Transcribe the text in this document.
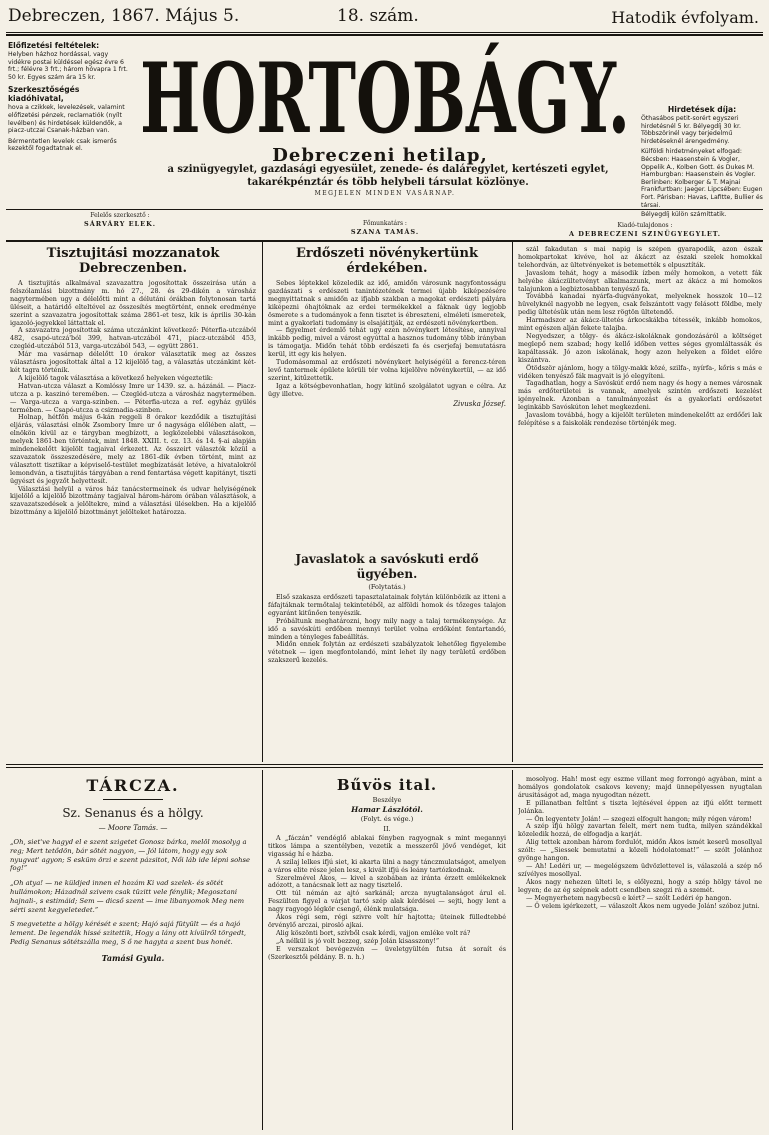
Debreczen, 1867. Május 5.	18. szám.	Hatodik évfolyam.
Előfizetési feltételek:

Helyben házhoz hordással, vagy vidékre postai küldéssel egész évre 6 frt.; félévre 3 frt.; három hóvapra 1 frt. 50 kr. Egyes szám ára 15 kr.

Szerkesztőségés kiadóhivatal,

hova a czikkek, levelezések, valamint előfizetési pénzek, reclamatiók (nyílt levélben) és hirdetések küldendők, a piacz-utczai Csanak-házban van.

Bérmentetlen levelek csak ismerős kezektől fogadtatnak el. HORTOBÁGY.
Debreczeni hetilap,
a szinügyegylet, gazdasági egyesület, zenede- és daláregylet, kertészeti egylet, takarékpénztár és több helybeli társulat közlönye.
MEGJELEN MINDEN VASÁRNAP.
Hirdetések díja:

Öthasábos petit-sorért egyszeri hirdetésnél 5 kr. Bélyegdíj 30 kr. Többszörinél vagy terjedelmű hirdetéseknél árengedmény.

Külföldi hirdetményeket elfogad: Bécsben: Haasenstein & Vogler, Oppelik A., Kolben Gott. és Dukes M. Hamburgban: Haasenstein és Vogler. Berlinben: Kolberger & T. Majnai Frankfurtban: Jaeger. Lipcsében: Eugen Fort. Párisban: Havas, Lafitte, Bullier és társai.

Bélyegdíj külön számíttatik.

Felelős szerkesztő :
SÁRVÁRY ELEK.	Főmunkatárs :
SZANA TAMÁS.
Kiadó-tulajdonos :
A DEBRECZENI SZINÜGYEGYLET.
Tisztujitási mozzanatok Debreczenben.

A tisztujitás alkalmával szavazattra jogosítottak összeirása után a felszólamlási bizottmány m. hó 27., 28. és 29-dikén a városház nagytermében ugy a délelőtti mint a délutáni órákban folytonosan tartá üléseit, a határidő elteltével az összesítés megtörtént, ennek eredménye szerint a szavazatra jogosítottak száma 2861-et tesz, kik is április 30-kán igazoló-jegyekkel láttattak el.

A szavazatra jogosítottak száma utczánkint következő: Péterfia-utczából 482, csapó-utczá'ból 399, hatvan-utczából 471, piacz-utczából 453, czegléd-utczából 513, varga-utczából 543, — együtt 2861.

Már ma vasárnap délelőtt 10 órakor választatik meg az összes választásra jogosítottak által a 12 kijelölő tag, a választás utczánkint két-két tagra történik.

A kijelölő tagok választása a következő helyeken végeztetik:

Hatvan-utcza választ a Komlóssy Imre ur 1439. sz. a. házánál. — Piacz-utcza a p. kaszinó teremében. — Czegléd-utcza a városház nagytermében. — Varga-utcza a varga-szinben. — Péterfia-utcza a ref. egyház gyülés termében. — Csapó-utcza a csizmadia-szinben.

Holnap, hétfőn május 6-kán reggeli 8 órakor kezdődik a tisztujítási eljárás, választási elnök Zsombory Imre ur ő nagysága előlében alatt, — elnökön kívül az e tárgyban megbízott, a legközelebbi választásokon, melyek 1861-ben történtek, mint 1848. XXIII. t. cz. 13. és 14. §-ai alapján mindenekelőtt kijelölt tagjaival érkezett. Az összeirt választók közül a szavazatok összeszedésére, mely az 1861-dik évben történt, mint az választott tisztikar a képviselő-testület megbízatását letéve, a hivatalokról lemondván, a tisztujitás tárgyában a rend fentartása végett kapitányt, tiszti ügyészt és jegyzőt helyettesít.

Választási helyül a város ház tanácstermeinek és udvar helyiségének kijelölő a kijelölő bizottmány tagjaival három-három órában választások, a szavazatszedések a jelöltekre, mind a választási ülésekben. Ha a kijelölő bizottmány a kijelölő bizottmányt jelölteket határozza.

Erdőszeti növénykertünk érdekében.

Sebes léptekkel közeledik az idő, amidőn városunk nagyfontosságu gazdászati s erdészeti tanintézetének termei újabb kiképezésére megnyittatnak s amidőn az ifjabb szakban a magokat erdészeti pályára kiképezni óhajtóknak az erdei termékekkel a fáknak úgy legjobb ösmerete s a tudományok a fenn tisztet is ébreszteni, elméleti ismeretek, mint a gyakorlati tudomány is elsajátitják, az erdészeti növénykertben.

— figyelmet érdemlő tehát ugy ezen növénykert létesítése, annyival inkább pedig, mivel a várost egyúttal a hasznos tudomány több irányban is támogatja. Midőn tehát több erdészeti fa és cserjefaj bemutatásra kerül, itt egy kis helyen.

Tudomásommal az erdőszeti növénykert helyiségéül a ferencz-téren levő tantermek épülete körüli tér volna kijelölve növénykertül, — az idő szerint, kitűzettetik.

Igaz a kötségbevonhatlan, hogy kitünő szolgálatot ugyan e célra. Az ügy illetve.

Zivuska József.
Javaslatok a savóskuti erdő ügyében.
(Folytatás.)

Első szakasza erdőszeti tapasztalatainak folytán különbözik az itteni a fáfajtáknak termőtalaj tekintetéből, az alföldi homok és tőzeges talajon egyaránt kitűnően tenyészik.

Próbáltunk meghatározni, hogy mily nagy a talaj termékenysége. Az idő a savóskúti erdőben mennyi terület volna erdőként fentartandó, minden a tényleges fabeállítás.

Midőn ennek folytán az erdészeti szabályzatok lehetőleg figyelembe vétetnek — igen megfontolandó, mint lehet ily nagy területű erdőben szakszerű kezelés.

szál fakadutan s mai napig is szépen gyarapodik, azon észak homokpartokat kivéve, hol az ákáczt az északi szelek homokkal telehordván, az ültetvényeket is betemették s elpusztíták.

Javaslom tehát, hogy a második ízben mély homokon, a vetett fák helyébe ákáczültetvényt alkalmazzunk, mert az ákácz a mi homokos talajunkon a legbiztosabban tenyésző fa.

Továbbá kanadai nyárfa-dugványokat, melyeknek hosszok 10—12 hüvelyknél nagyobb ne legyen, csak felszántott vagy felásott földbe, mely pedig ültetésük után nem lesz rögtön ültetendő.

Harmadszor az ákácz-ültetés árkocskákba tétessék, inkább homokos, mint egészen alján fekete talajba.

Negyedszer, a tölgy- és ákácz-iskoláknak gondozásáról a költséget meglepő nem szabad; hogy kellő időben vettes séges gyomláltassák és kapáltassák. Jó azon iskolának, hogy azon helyeken a földet előre kiszántva.

Ötödször ajánlom, hogy a tölgy-makk közé, szilfa-, nyírfa-, kőris s más e vidéken tenyésző fák magvait is jó elegyíteni.

Tagadhatlan, hogy a Savóskút erdő nem nagy és hogy a nemes városnak más erdőterületei is vannak, amelyek szintén erdőszeti kezelést igényelnek. Azonban a tanulmányozást és a gyakorlati erdőszetet leginkább Savóskúton lehet megkezdeni.

Javaslom továbbá, hogy a kijelölt területen mindenekelőtt az erdőőri lak felépítése s a faiskolák rendezése történjék meg.

TÁRCZA.
Sz. Senanus és a hölgy.
— Moore Tamás. —
„Oh, siet've hagyd el e szent szigetet Gonosz bárka, melöl mosolyg a reg; Mert tetődön, bár sötét nagyon, — Jól látom, hogy egy sok nyugvat' agyon; S esküm örzi e szent pázsitot, Női láb ide lépni sohse fog!”
„Oh atya! — ne küldjed innen el hozám Ki vad szelek- és sötét hullámokon; Házadnál szivem csak tüzitt vele fénylik; Megosztani hajnali-, s estimáid; Sem — dicső szent — ime libanyomok Meg nem sérti szent kegyeletedet.”
S megvetette a hölgy kérését e szent; Hajó sajá fütyült — és a hajó lement. De legendák hissé szitettik, Hogy a lány ott kívülről törgedt, Pedig Senanus sötétszálla meg, S ő ne hagyta a szent bus honét.
Tamási Gyula.
Bűvös ital.
Beszélye
Hamar Lászlótól.
(Folyt. és vége.)
II.

A „fáczán” vendéglő ablakai fényben ragyognak s mint megannyi titkos lámpa a szentélyben, vezetik a messzeről jövő vendéget, kit vigasság hí e házba.

A szilaj lelkes ifjú siet, ki akarta ülni a nagy tánczmulatságot, amelyen a város elite része jelen lesz, s kivált ifjú és leány tartózkodnak.

Szerelmével Ákos, — kivel a szobában az iránta érzett emlékeknek adózott, a tanácsnak lett az nagy tisztelő.

Ott túl némán az ajtó sarkánál; arcza nyugtalanságot árul el. Feszülten figyel a várjat tartó szép alak kérdései — sejti, hogy lent a nagy ragyogó légkör csengő, élénk mulatsága.

Ákos régi sem, régi szivre volt hír hajtotta; üteinek fülledtebbé örvénylő arczai, pirosló ajkai.

Alig köszönti bort, szívből csak kérdi, vajjon emléke volt rá?

„A nélkül is jó volt bezzeg, szép Jolán kisasszony!”

E verszakot bevégezvén — üveletgyültén futsa át soraít és (Szerkesztői példány. B. n. h.)

mosolyog. Hah! most egy eszme villant meg forrongó agyában, mint a homályos gondolatok csakovs keveny; majd ünnepélyessen nyugtalan árusitáságot ad, maga nyugodtan nézett.

E pillanatban feltűnt s tiszta lejtésével éppen az ifjú előtt termett Jolánka.

— Ön legyentetv Jolán! — szegezi elfogult hangon; mily régen várom!

A szép ifjú hölgy zavartan felelt, mert nem tudta, milyen szándékkal közeledik hozzá, de elfogadja a karját.

Alig tettek azonban három fordulót, midőn Ákos ismét keserű mosollyal szólt: — „Siessek bemutatni a közeli hódolatomat!” — szólt Jolánhoz gyönge hangon.

— Ah! Ledéri ur, — megelégszem üdvözlettevel is, válaszolá a szép nő szívélyes mosollyal.

Ákos nagy nehezen ülteti le, s előlyezni, hogy a szép hölgy távol ne legyen; de az ég szépnek adott csendben szegzi rá a szemét.

— Megnyerhetem nagybecsü e kért? — szólt Ledéri ép hangon.

— Ő velem igérkezett, — válaszolt Ákos nem ugyede Jolán! szóboz jutni.
